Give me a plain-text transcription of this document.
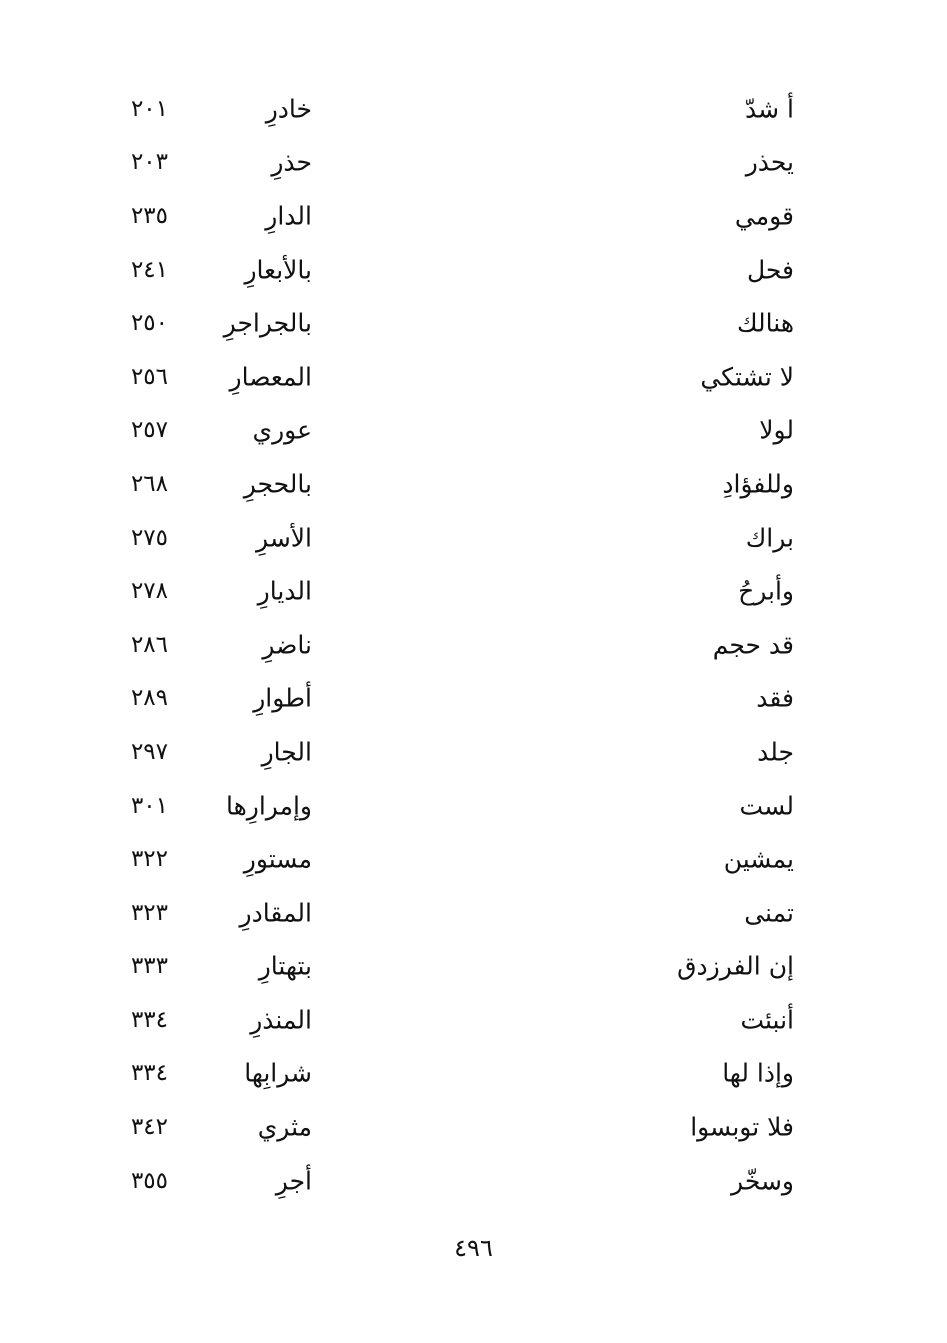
أ شدّ
خادرِ
٢٠١
يحذر
حذرِ
٢٠٣
قومي
الدارِ
٢٣٥
فحل
بالأبعارِ
٢٤١
هنالك
بالجراجرِ
٢٥٠
لا تشتكي
المعصارِ
٢٥٦
لولا
عوري
٢٥٧
وللفؤادِ
بالحجرِ
٢٦٨
براك
الأسرِ
٢٧٥
وأبرحُ
الديارِ
٢٧٨
قد حجم
ناضرِ
٢٨٦
فقد
أطوارِ
٢٨٩
جلد
الجارِ
٢٩٧
لست
وإمرارِها
٣٠١
يمشين
مستورِ
٣٢٢
تمنى
المقادرِ
٣٢٣
إن الفرزدق
بتهتارِ
٣٣٣
أنبئت
المنذرِ
٣٣٤
وإذا لها
شرابِها
٣٣٤
فلا توبسوا
مثري
٣٤٢
وسخّر
أجرِ
٣٥٥
٤٩٦
